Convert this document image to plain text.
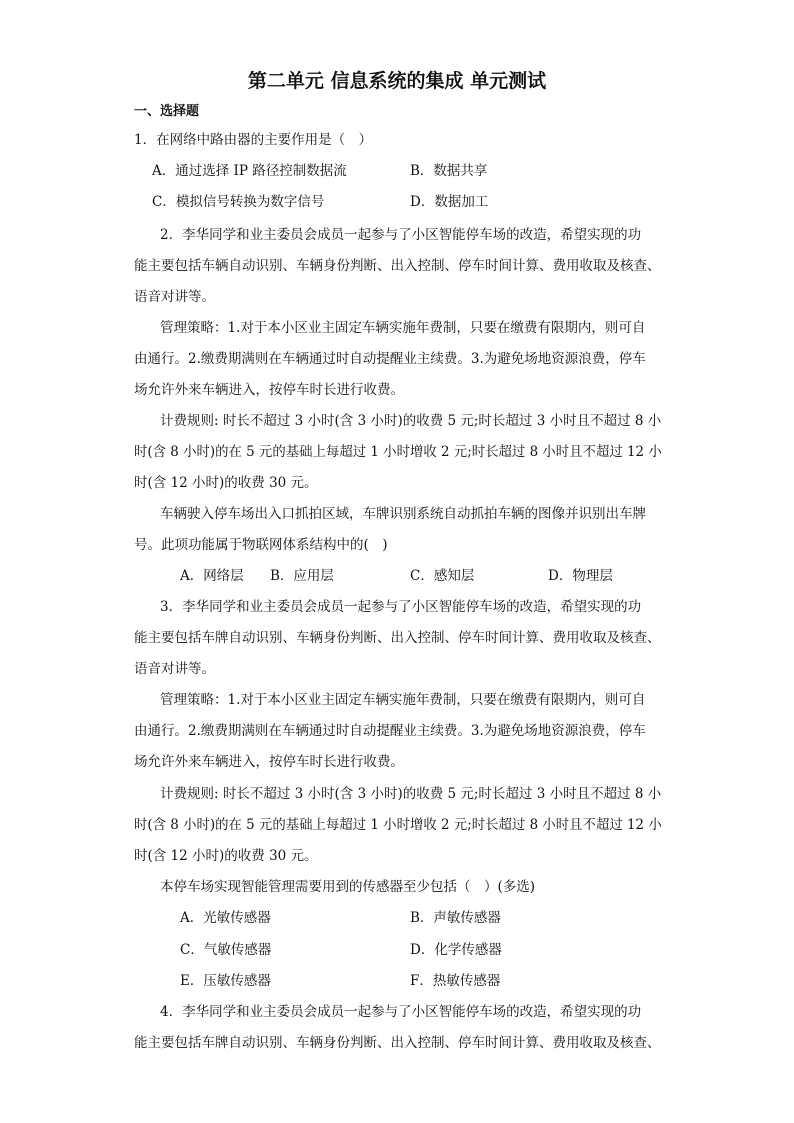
第二单元 信息系统的集成 单元测试
一、选择题
1．在网络中路由器的主要作用是（　）
A．通过选择 IP 路径控制数据流	B．数据共享
C．模拟信号转换为数字信号	D．数据加工
2．李华同学和业主委员会成员一起参与了小区智能停车场的改造，希望实现的功
能主要包括车辆自动识别、车辆身份判断、出入控制、停车时间计算、费用收取及核查、
语音对讲等。
管理策略：1.对于本小区业主固定车辆实施年费制，只要在缴费有限期内，则可自
由通行。2.缴费期满则在车辆通过时自动提醒业主续费。3.为避免场地资源浪费，停车
场允许外来车辆进入，按停车时长进行收费。
计费规则: 时长不超过 3 小时(含 3 小时)的收费 5 元;时长超过 3 小时且不超过 8 小
时(含 8 小时)的在 5 元的基础上每超过 1 小时增收 2 元;时长超过 8 小时且不超过 12 小
时(含 12 小时)的收费 30 元。
车辆驶入停车场出入口抓拍区域，车牌识别系统自动抓拍车辆的图像并识别出车牌
号。此项功能属于物联网体系结构中的(　)
A．网络层 B．应用层	C．感知层	D．物理层
3．李华同学和业主委员会成员一起参与了小区智能停车场的改造，希望实现的功
能主要包括车牌自动识别、车辆身份判断、出入控制、停车时间计算、费用收取及核查、
语音对讲等。
管理策略：1.对于本小区业主固定车辆实施年费制，只要在缴费有限期内，则可自
由通行。2.缴费期满则在车辆通过时自动提醒业主续费。3.为避免场地资源浪费，停车
场允许外来车辆进入，按停车时长进行收费。
计费规则: 时长不超过 3 小时(含 3 小时)的收费 5 元;时长超过 3 小时且不超过 8 小
时(含 8 小时)的在 5 元的基础上每超过 1 小时增收 2 元;时长超过 8 小时且不超过 12 小
时(含 12 小时)的收费 30 元。
本停车场实现智能管理需要用到的传感器至少包括（　）(多选)
A．光敏传感器	B．声敏传感器
C．气敏传感器	D．化学传感器
E．压敏传感器	F．热敏传感器
4．李华同学和业主委员会成员一起参与了小区智能停车场的改造，希望实现的功
能主要包括车牌自动识别、车辆身份判断、出入控制、停车时间计算、费用收取及核查、
